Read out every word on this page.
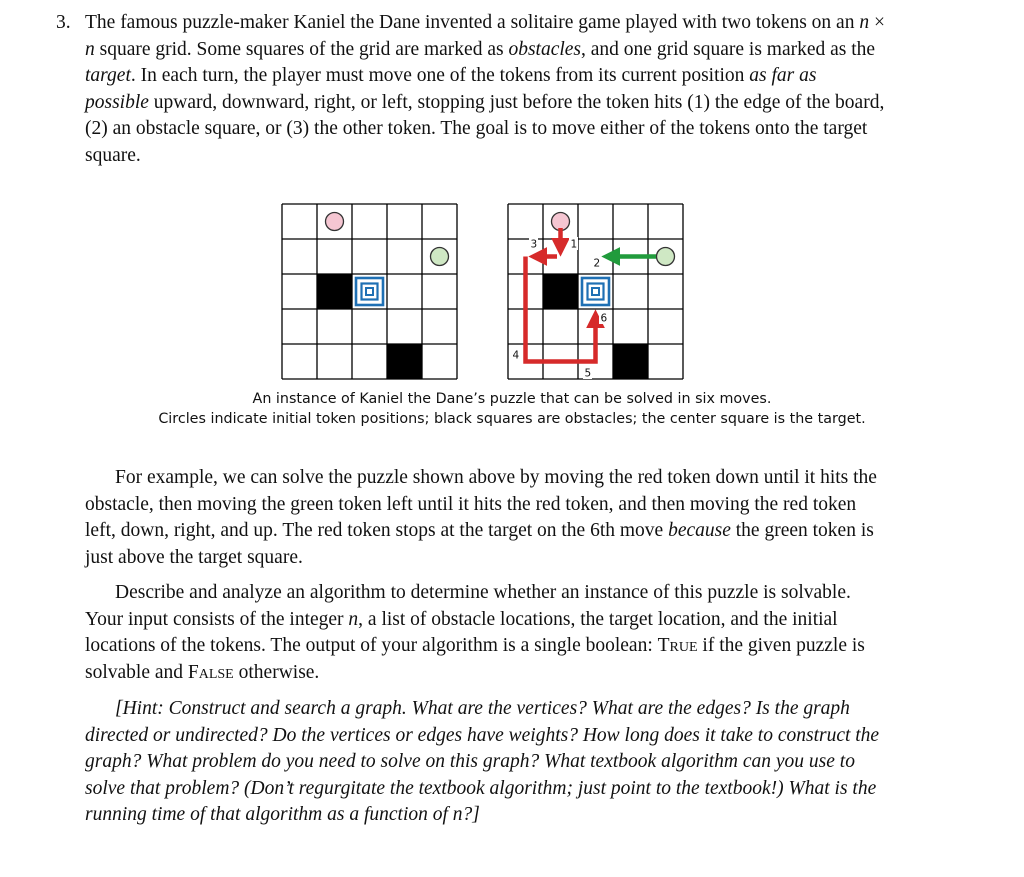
3. The famous puzzle-maker Kaniel the Dane invented a solitaire game played with two tokens on an n × n square grid. Some squares of the grid are marked as obstacles, and one grid square is marked as the target. In each turn, the player must move one of the tokens from its current position as far as possible upward, downward, right, or left, stopping just before the token hits (1) the edge of the board, (2) an obstacle square, or (3) the other token. The goal is to move either of the tokens onto the target square.

1
2
3
4
5
6
An instance of Kaniel the Dane’s puzzle that can be solved in six moves.
Circles indicate initial token positions; black squares are obstacles; the center square is the target.

For example, we can solve the puzzle shown above by moving the red token down until it hits the obstacle, then moving the green token left until it hits the red token, and then moving the red token left, down, right, and up. The red token stops at the target on the 6th move because the green token is just above the target square.

Describe and analyze an algorithm to determine whether an instance of this puzzle is solvable. Your input consists of the integer n, a list of obstacle locations, the target location, and the initial locations of the tokens. The output of your algorithm is a single boolean: True if the given puzzle is solvable and False otherwise.

[Hint: Construct and search a graph. What are the vertices? What are the edges? Is the graph directed or undirected? Do the vertices or edges have weights? How long does it take to construct the graph? What problem do you need to solve on this graph? What textbook algorithm can you use to solve that problem? (Don’t regurgitate the textbook algorithm; just point to the textbook!) What is the running time of that algorithm as a function of n?]
